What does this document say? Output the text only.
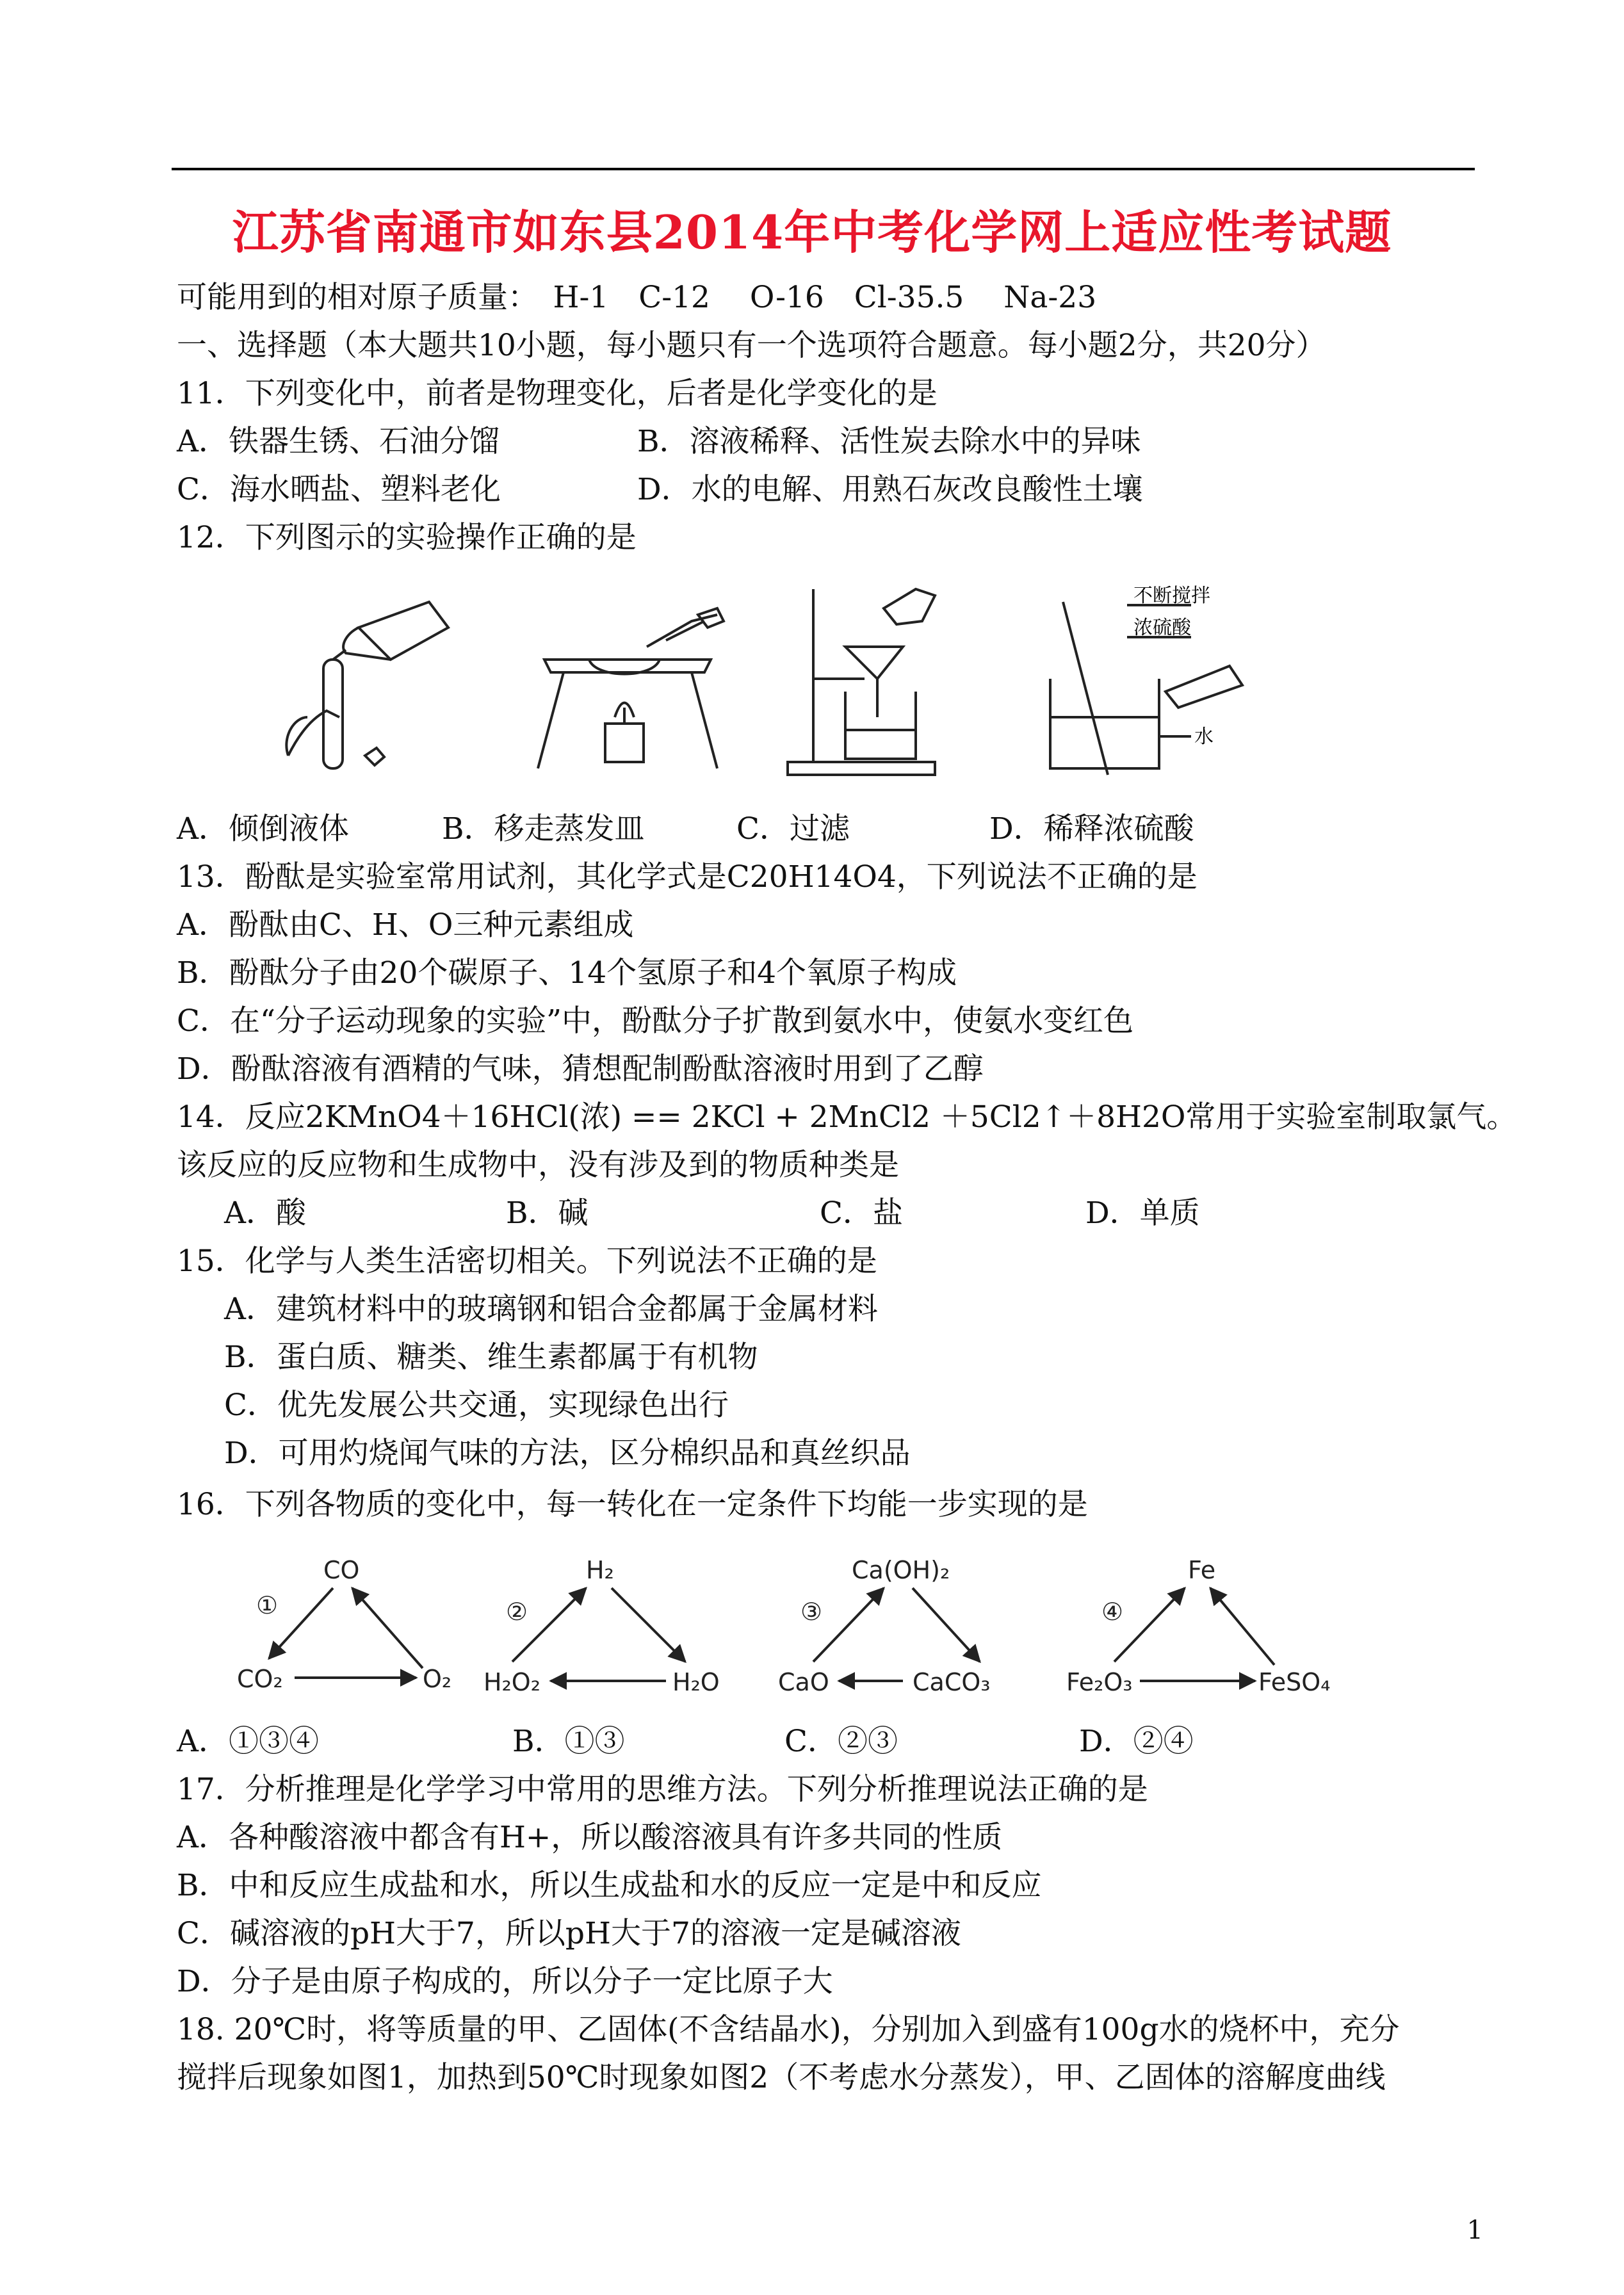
江苏省南通市如东县2014年中考化学网上适应性考试题
可能用到的相对原子质量：　H-1　C-12　 O-16　Cl-35.5　 Na-23
一、选择题（本大题共10小题，每小题只有一个选项符合题意。每小题2分，共20分）
11．下列变化中，前者是物理变化，后者是化学变化的是
A．铁器生锈、石油分馏	B．溶液稀释、活性炭去除水中的异味
C．海水晒盐、塑料老化	D．水的电解、用熟石灰改良酸性土壤
12．下列图示的实验操作正确的是
不断搅拌
浓硫酸
水
A．倾倒液体	B．移走蒸发皿	C．过滤	D．稀释浓硫酸
13．酚酞是实验室常用试剂，其化学式是C20H14O4，下列说法不正确的是
A．酚酞由C、H、O三种元素组成
B．酚酞分子由20个碳原子、14个氢原子和4个氧原子构成
C．在“分子运动现象的实验”中，酚酞分子扩散到氨水中，使氨水变红色
D．酚酞溶液有酒精的气味，猜想配制酚酞溶液时用到了乙醇
14．反应2KMnO4＋16HCl(浓) == 2KCl + 2MnCl2 ＋5Cl2↑＋8H2O常用于实验室制取氯气。
该反应的反应物和生成物中，没有涉及到的物质种类是
A．酸	B．碱	C．盐	D．单质
15．化学与人类生活密切相关。下列说法不正确的是
A．建筑材料中的玻璃钢和铝合金都属于金属材料
B．蛋白质、糖类、维生素都属于有机物
C．优先发展公共交通，实现绿色出行
D．可用灼烧闻气味的方法，区分棉织品和真丝织品
16．下列各物质的变化中，每一转化在一定条件下均能一步实现的是
①
CO
CO₂	O₂
②
H₂
H₂O₂	H₂O
③
Ca(OH)₂
CaO	CaCO₃
④
Fe
Fe₂O₃	FeSO₄
A．①③④	B．①③	C．②③	D．②④
17．分析推理是化学学习中常用的思维方法。下列分析推理说法正确的是
A．各种酸溶液中都含有H+，所以酸溶液具有许多共同的性质
B．中和反应生成盐和水，所以生成盐和水的反应一定是中和反应
C．碱溶液的pH大于7，所以pH大于7的溶液一定是碱溶液
D．分子是由原子构成的，所以分子一定比原子大
18. 20℃时，将等质量的甲、乙固体(不含结晶水)，分别加入到盛有100g水的烧杯中，充分
搅拌后现象如图1，加热到50℃时现象如图2（不考虑水分蒸发），甲、乙固体的溶解度曲线
1
